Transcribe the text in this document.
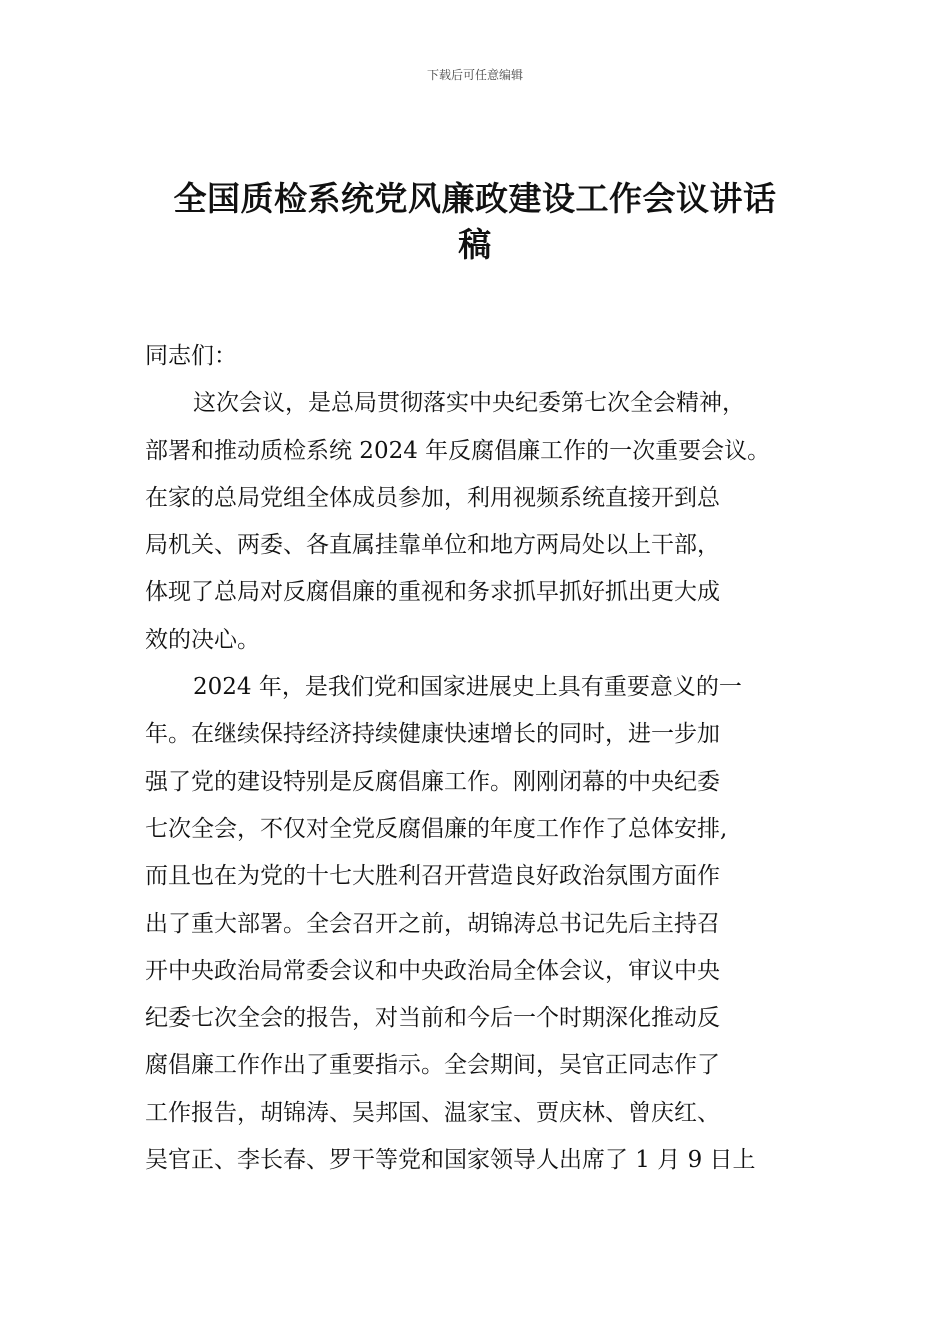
下载后可任意编辑
全国质检系统党风廉政建设工作会议讲话
稿
同志们：
这次会议，是总局贯彻落实中央纪委第七次全会精神，
部署和推动质检系统 2024 年反腐倡廉工作的一次重要会议。
在家的总局党组全体成员参加，利用视频系统直接开到总
局机关、两委、各直属挂靠单位和地方两局处以上干部，
体现了总局对反腐倡廉的重视和务求抓早抓好抓出更大成
效的决心。
2024 年，是我们党和国家进展史上具有重要意义的一
年。在继续保持经济持续健康快速增长的同时，进一步加
强了党的建设特别是反腐倡廉工作。刚刚闭幕的中央纪委
七次全会，不仅对全党反腐倡廉的年度工作作了总体安排,
而且也在为党的十七大胜利召开营造良好政治氛围方面作
出了重大部署。全会召开之前，胡锦涛总书记先后主持召
开中央政治局常委会议和中央政治局全体会议，审议中央
纪委七次全会的报告，对当前和今后一个时期深化推动反
腐倡廉工作作出了重要指示。全会期间，吴官正同志作了
工作报告，胡锦涛、吴邦国、温家宝、贾庆林、曾庆红、
吴官正、李长春、罗干等党和国家领导人出席了 1 月 9 日上
